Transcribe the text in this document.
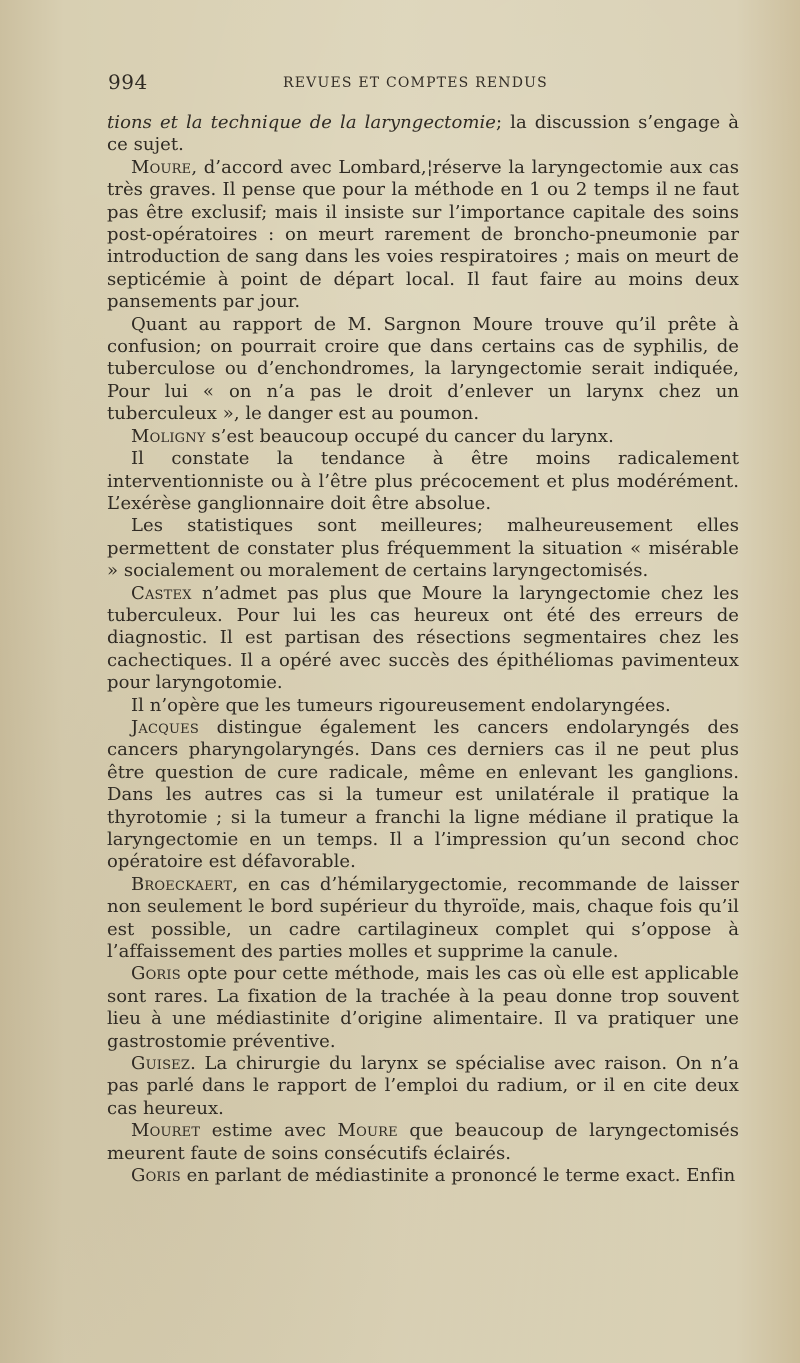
994	REVUES ET COMPTES RENDUS

tions et la technique de la laryngectomie; la discussion s’engage à ce sujet.

Moure, d’accord avec Lombard,¦réserve la laryngectomie aux cas très graves. Il pense que pour la méthode en 1 ou 2 temps il ne faut pas être exclusif; mais il insiste sur l’importance capitale des soins post-opératoires : on meurt rarement de broncho-pneumonie par introduction de sang dans les voies respiratoires ; mais on meurt de septicémie à point de départ local. Il faut faire au moins deux pansements par jour.

Quant au rapport de M. Sargnon Moure trouve qu’il prête à confusion; on pourrait croire que dans certains cas de syphilis, de tuberculose ou d’enchondromes, la laryngectomie serait indiquée, Pour lui « on n’a pas le droit d’enlever un larynx chez un tuberculeux », le danger est au poumon.

Moligny s’est beaucoup occupé du cancer du larynx.

Il constate la tendance à être moins radicalement interventionniste ou à l’être plus précocement et plus modérément. L’exérèse ganglionnaire doit être absolue.

Les statistiques sont meilleures; malheureusement elles permettent de constater plus fréquemment la situation « misérable » socialement ou moralement de certains laryngectomisés.

Castex n’admet pas plus que Moure la laryngectomie chez les tuberculeux. Pour lui les cas heureux ont été des erreurs de diagnostic. Il est partisan des résections segmentaires chez les cachectiques. Il a opéré avec succès des épithéliomas pavimenteux pour laryngotomie.

Il n’opère que les tumeurs rigoureusement endolaryngées.

Jacques distingue également les cancers endolaryngés des cancers pharyngolaryngés. Dans ces derniers cas il ne peut plus être question de cure radicale, même en enlevant les ganglions. Dans les autres cas si la tumeur est unilatérale il pratique la thyrotomie ; si la tumeur a franchi la ligne médiane il pratique la laryngectomie en un temps. Il a l’impression qu’un second choc opératoire est défavorable.

Broeckaert, en cas d’hémilarygectomie, recommande de laisser non seulement le bord supérieur du thyroïde, mais, chaque fois qu’il est possible, un cadre cartilagineux complet qui s’oppose à l’affaissement des parties molles et supprime la canule.

Goris opte pour cette méthode, mais les cas où elle est applicable sont rares. La fixation de la trachée à la peau donne trop souvent lieu à une médiastinite d’origine alimentaire. Il va pratiquer une gastrostomie préventive.

Guisez. La chirurgie du larynx se spécialise avec raison. On n’a pas parlé dans le rapport de l’emploi du radium, or il en cite deux cas heureux.

Mouret estime avec Moure que beaucoup de laryngectomisés meurent faute de soins consécutifs éclairés.

Goris en parlant de médiastinite a prononcé le terme exact. Enfin
